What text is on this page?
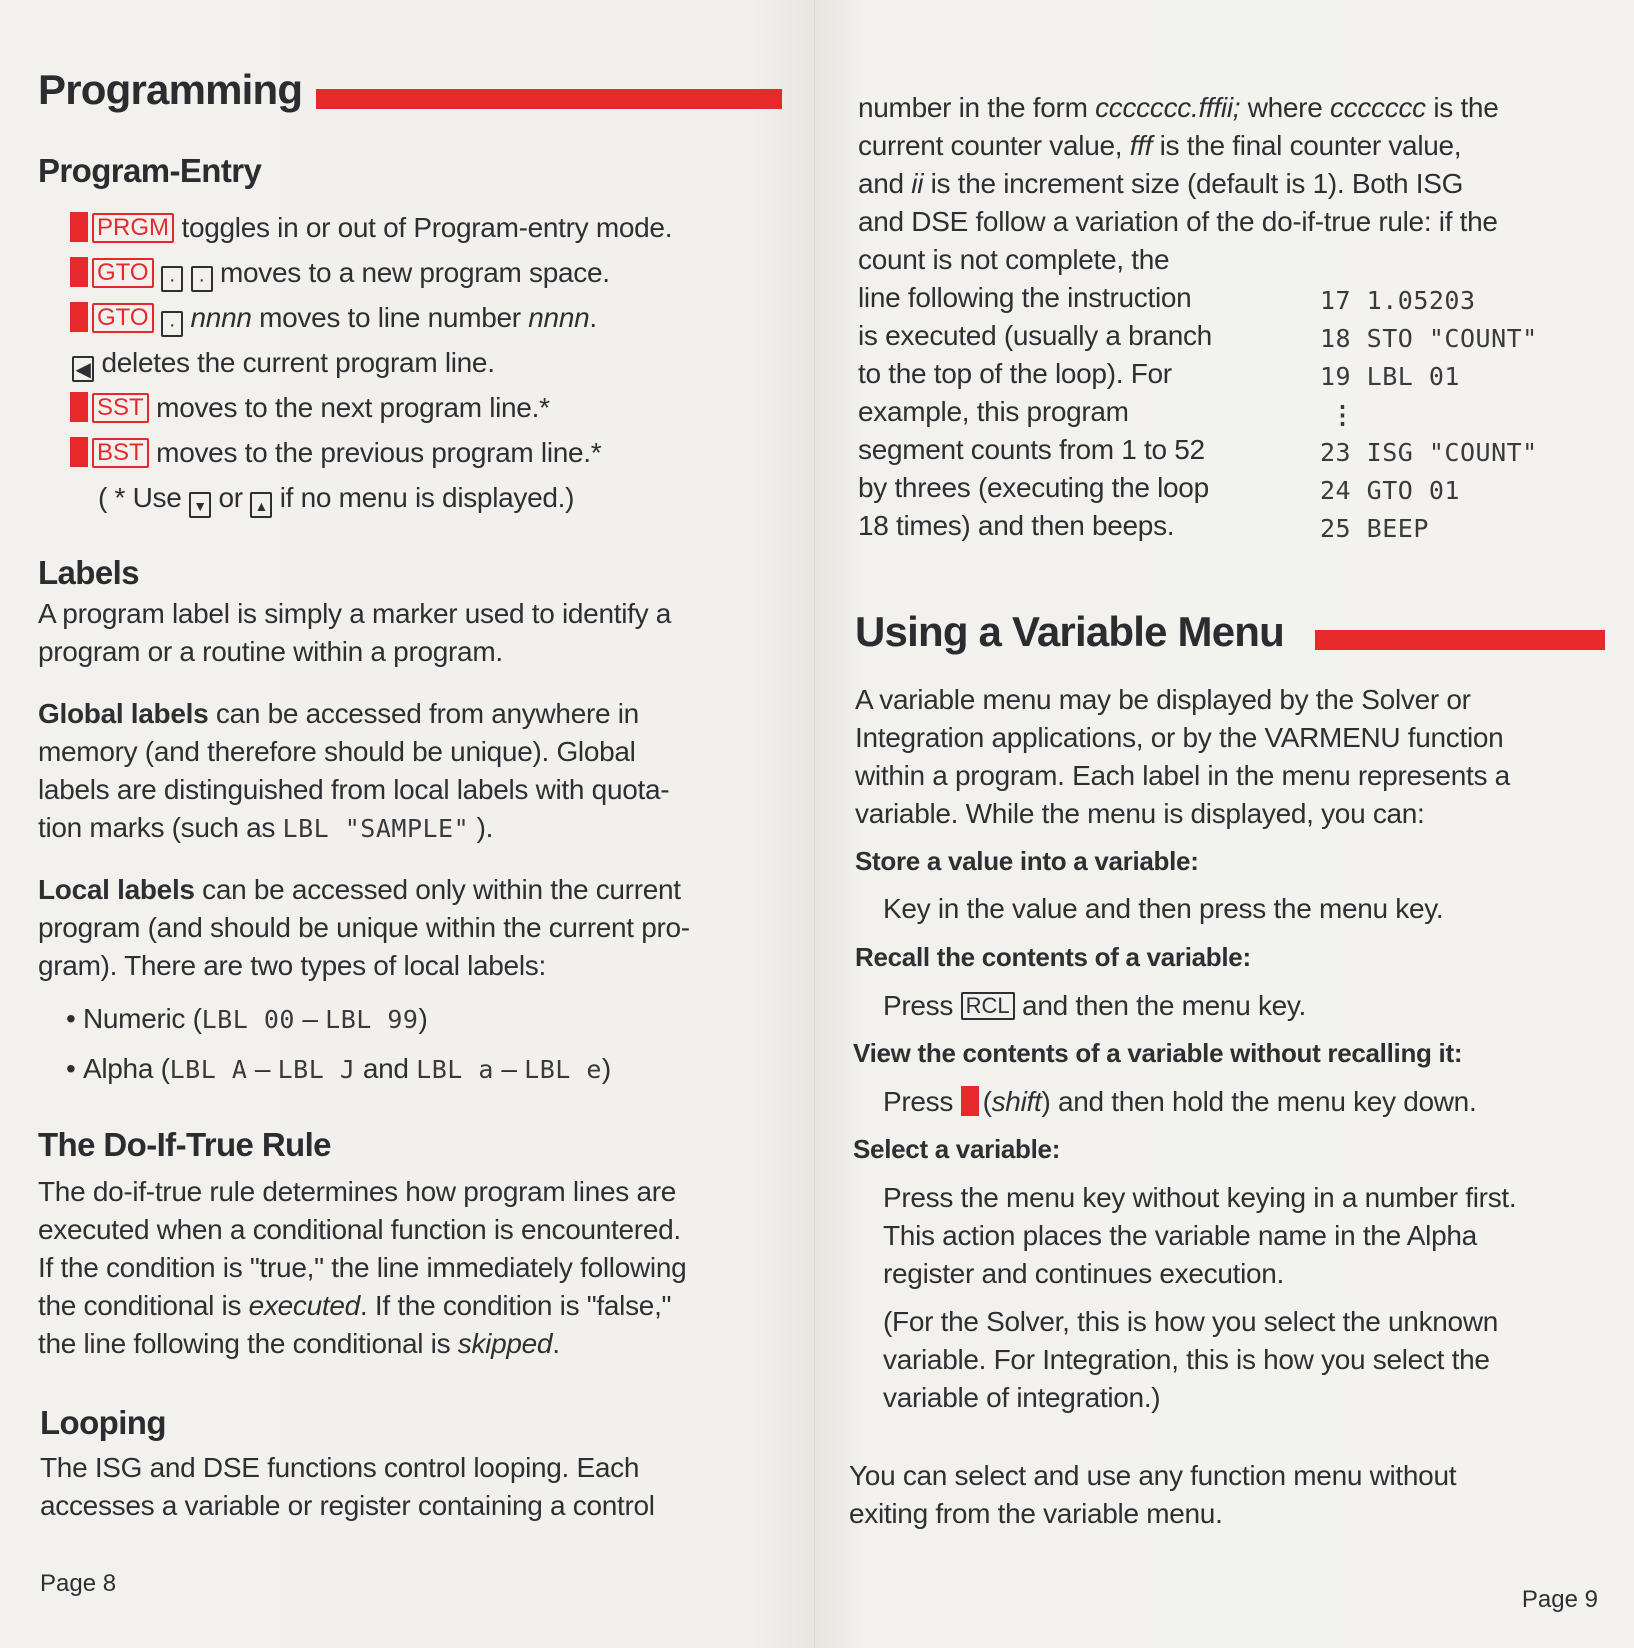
Programming
Program-Entry
PRGM toggles in or out of Program-entry mode.
GTO · · moves to a new program space.
GTO · nnnn moves to line number nnnn.
◀ deletes the current program line.
SST moves to the next program line.*
BST moves to the previous program line.*
( * Use ▼ or ▲ if no menu is displayed.)
Labels
A program label is simply a marker used to identify a
program or a routine within a program.
Global labels can be accessed from anywhere in
memory (and therefore should be unique). Global
labels are distinguished from local labels with quota-
tion marks (such as LBL "SAMPLE" ).
Local labels can be accessed only within the current
program (and should be unique within the current pro-
gram). There are two types of local labels:
• Numeric (LBL 00 – LBL 99)
• Alpha (LBL A – LBL J and LBL a – LBL e)
The Do-If-True Rule
The do-if-true rule determines how program lines are
executed when a conditional function is encountered.
If the condition is "true," the line immediately following
the conditional is executed. If the condition is "false,"
the line following the conditional is skipped.
Looping
The ISG and DSE functions control looping. Each
accesses a variable or register containing a control
Page 8
number in the form ccccccc.fffii; where ccccccc is the
current counter value, fff is the final counter value,
and ii is the increment size (default is 1). Both ISG
and DSE follow a variation of the do-if-true rule: if the
count is not complete, the
line following the instruction
is executed (usually a branch
to the top of the loop). For
example, this program
segment counts from 1 to 52
by threes (executing the loop
18 times) and then beeps.
17 1.05203
18 STO "COUNT"
19 LBL 01
⋮
23 ISG "COUNT"
24 GTO 01
25 BEEP
Using a Variable Menu
A variable menu may be displayed by the Solver or
Integration applications, or by the VARMENU function
within a program. Each label in the menu represents a
variable. While the menu is displayed, you can:
Store a value into a variable:
Key in the value and then press the menu key.
Recall the contents of a variable:
Press RCL and then the menu key.
View the contents of a variable without recalling it:
Press (shift) and then hold the menu key down.
Select a variable:
Press the menu key without keying in a number first.
This action places the variable name in the Alpha
register and continues execution.
(For the Solver, this is how you select the unknown
variable. For Integration, this is how you select the
variable of integration.)
You can select and use any function menu without
exiting from the variable menu.
Page 9
